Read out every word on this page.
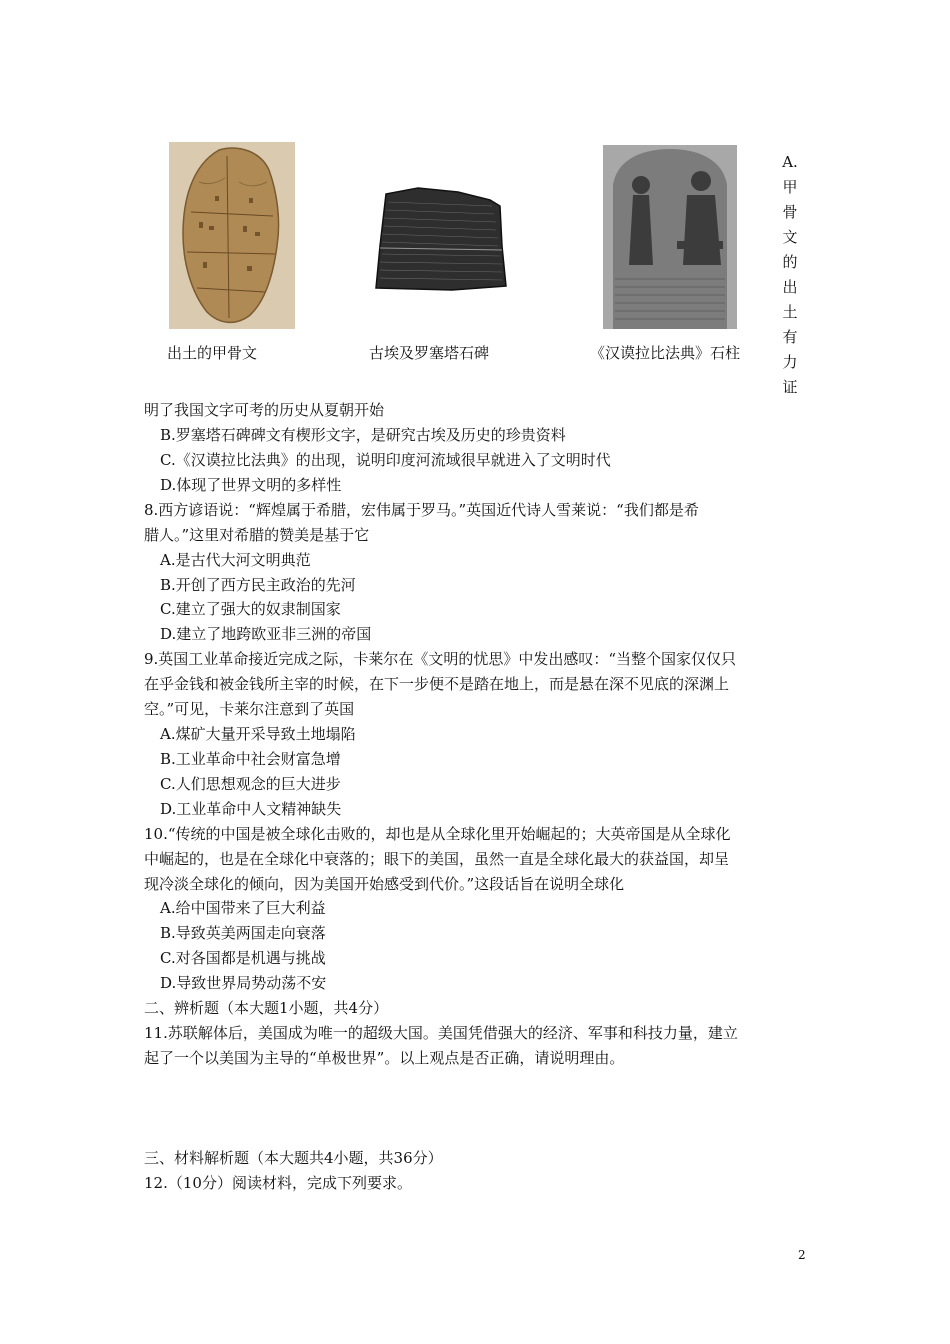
出土的甲骨文	古埃及罗塞塔石碑	《汉谟拉比法典》石柱
A.
甲
骨
文
的
出
土
有
力
证
明了我国文字可考的历史从夏朝开始
B.罗塞塔石碑碑文有楔形文字，是研究古埃及历史的珍贵资料
C.《汉谟拉比法典》的出现，说明印度河流域很早就进入了文明时代
D.体现了世界文明的多样性
8.西方谚语说：“辉煌属于希腊，宏伟属于罗马。”英国近代诗人雪莱说：“我们都是希
腊人。”这里对希腊的赞美是基于它
A.是古代大河文明典范
B.开创了西方民主政治的先河
C.建立了强大的奴隶制国家
D.建立了地跨欧亚非三洲的帝国
9.英国工业革命接近完成之际，卡莱尔在《文明的忧思》中发出感叹：“当整个国家仅仅只
在乎金钱和被金钱所主宰的时候，在下一步便不是踏在地上，而是悬在深不见底的深渊上
空。”可见，卡莱尔注意到了英国
A.煤矿大量开采导致土地塌陷
B.工业革命中社会财富急增
C.人们思想观念的巨大进步
D.工业革命中人文精神缺失
10.“传统的中国是被全球化击败的，却也是从全球化里开始崛起的；大英帝国是从全球化
中崛起的，也是在全球化中衰落的；眼下的美国，虽然一直是全球化最大的获益国，却呈
现冷淡全球化的倾向，因为美国开始感受到代价。”这段话旨在说明全球化
A.给中国带来了巨大利益
B.导致英美两国走向衰落
C.对各国都是机遇与挑战
D.导致世界局势动荡不安
二、辨析题（本大题1小题，共4分）
11.苏联解体后，美国成为唯一的超级大国。美国凭借强大的经济、军事和科技力量，建立
起了一个以美国为主导的“单极世界”。以上观点是否正确，请说明理由。
三、材料解析题（本大题共4小题，共36分）
12.（10分）阅读材料，完成下列要求。
2
